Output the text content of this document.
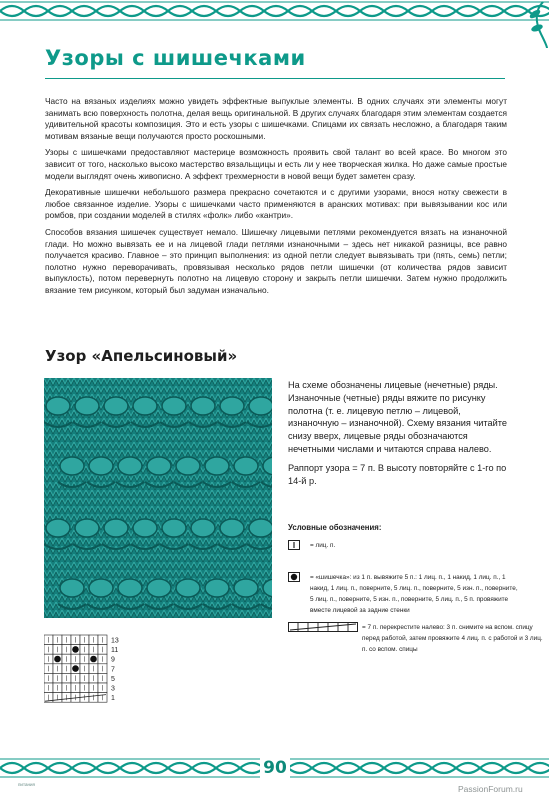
Узоры с шишечками

Часто на вязаных изделиях можно увидеть эффектные выпуклые элементы. В одних случаях эти элементы могут занимать всю поверхность полотна, делая вещь оригинальной. В других случаях благодаря этим элементам создается удивительной красоты композиция. Это и есть узоры с шишечками. Спицами их связать несложно, а благодаря таким мотивам вязаные вещи получаются просто роскошными.

Узоры с шишечками предоставляют мастерице возможность проявить свой талант во всей красе. Во многом это зависит от того, насколько высоко мастерство вязальщицы и есть ли у нее творческая жилка. Но даже самые простые модели выглядят очень живописно. А эффект трехмерности в новой вещи будет заметен сразу.

Декоративные шишечки небольшого размера прекрасно сочетаются и с другими узорами, внося нотку свежести в любое связанное изделие. Узоры с шишечками часто применяются в аранских мотивах: при вывязывании кос или ромбов, при создании моделей в стилях «фолк» либо «кантри».

Способов вязания шишечек существует немало. Шишечку лицевыми петлями рекомендуется вязать на изнаночной глади. Но можно вывязать ее и на лицевой глади петлями изнаночными – здесь нет никакой разницы, все равно получается красиво. Главное – это принцип выполнения: из одной петли следует вывязывать три (пять, семь) петли; полотно нужно переворачивать, провязывая несколько рядов петли шишечки (от количества рядов зависит выпуклость), потом перевернуть полотно на лицевую сторону и закрыть петли шишечки. Затем нужно продолжить вязание тем рисунком, который был задуман изначально.

Узор «Апельсиновый»

На схеме обозначены лицевые (нечетные) ряды. Изнаночные (четные) ряды вяжите по рисунку полотна (т. е. лицевую петлю – лицевой, изнаночную – изнаночной). Схему вязания читайте снизу вверх, лицевые ряды обозначаются нечетными числами и читаются справа налево.

Раппорт узора = 7 п. В высоту повторяйте с 1-го по 14-й р.

Условные обозначения:
= лиц. п.
= «шишечка»: из 1 п. вывяжите 5 п.: 1 лиц. п., 1 накид, 1 лиц. п., 1 накид, 1 лиц. п., повернитe, 5 лиц. п., повернитe, 5 изн. п., повернитe, 5 лиц. п., повернитe, 5 изн. п., повернитe, 5 лиц. п., 5 п. провяжите вместе лицевой за задние стенки
= 7 п. перекрестите налево: 3 п. снимите на вспом. спицу перед работой, затем провяжите 4 лиц. п. с работой и 3 лиц. п. со вспом. спицы
13
11
9
7
5
3
1
90
питания	PassionForum.ru
